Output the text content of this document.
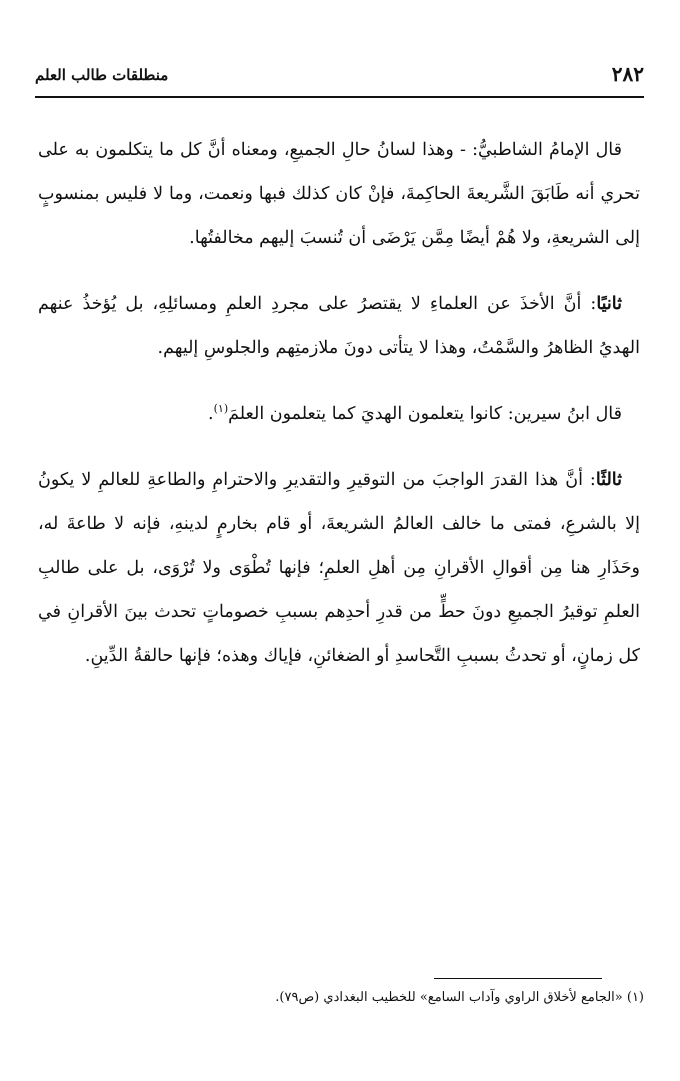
٢٨٢
منطلقات طالب العلم

قال الإمامُ الشاطبيُّ: - وهذا لسانُ حالِ الجميعِ، ومعناه أنَّ كل ما يتكلمون به على تحري أنه طَابَقَ الشَّريعةَ الحاكِمةَ، فإنْ كان كذلك فبها ونعمت، وما لا فليس بمنسوبٍ إلى الشريعةِ، ولا هُمْ أيضًا مِمَّن يَرْضَى أن تُنسبَ إليهم مخالفتُها.

ثانيًا: أنَّ الأخذَ عن العلماءِ لا يقتصرُ على مجردِ العلمِ ومسائلِهِ، بل يُؤخذُ عنهم الهديُ الظاهرُ والسَّمْتُ، وهذا لا يتأتى دونَ ملازمتِهم والجلوسِ إليهم.

قال ابنُ سيرين: كانوا يتعلمون الهديَ كما يتعلمون العلمَ$^{(١)}$.

ثالثًا: أنَّ هذا القدرَ الواجبَ من التوقيرِ والتقديرِ والاحترامِ والطاعةِ للعالمِ لا يكونُ إلا بالشرعِ، فمتى ما خالف العالمُ الشريعةَ، أو قام بخارمٍ لدينهِ، فإنه لا طاعةَ له، وحَذَارِ هنا مِن أقوالِ الأقرانِ مِن أهلِ العلمِ؛ فإنها تُطْوَى ولا تُرْوَى، بل على طالبِ العلمِ توقيرُ الجميعِ دونَ حطٍّ من قدرِ أحدِهم بسببِ خصوماتٍ تحدث بينَ الأقرانِ في كل زمانٍ، أو تحدثُ بسببِ التَّحاسدِ أو الضغائنِ، فإياك وهذه؛ فإنها حالقةُ الدِّينِ.

(١) «الجامع لأخلاق الراوي وآداب السامع» للخطيب البغدادي (ص٧٩).
